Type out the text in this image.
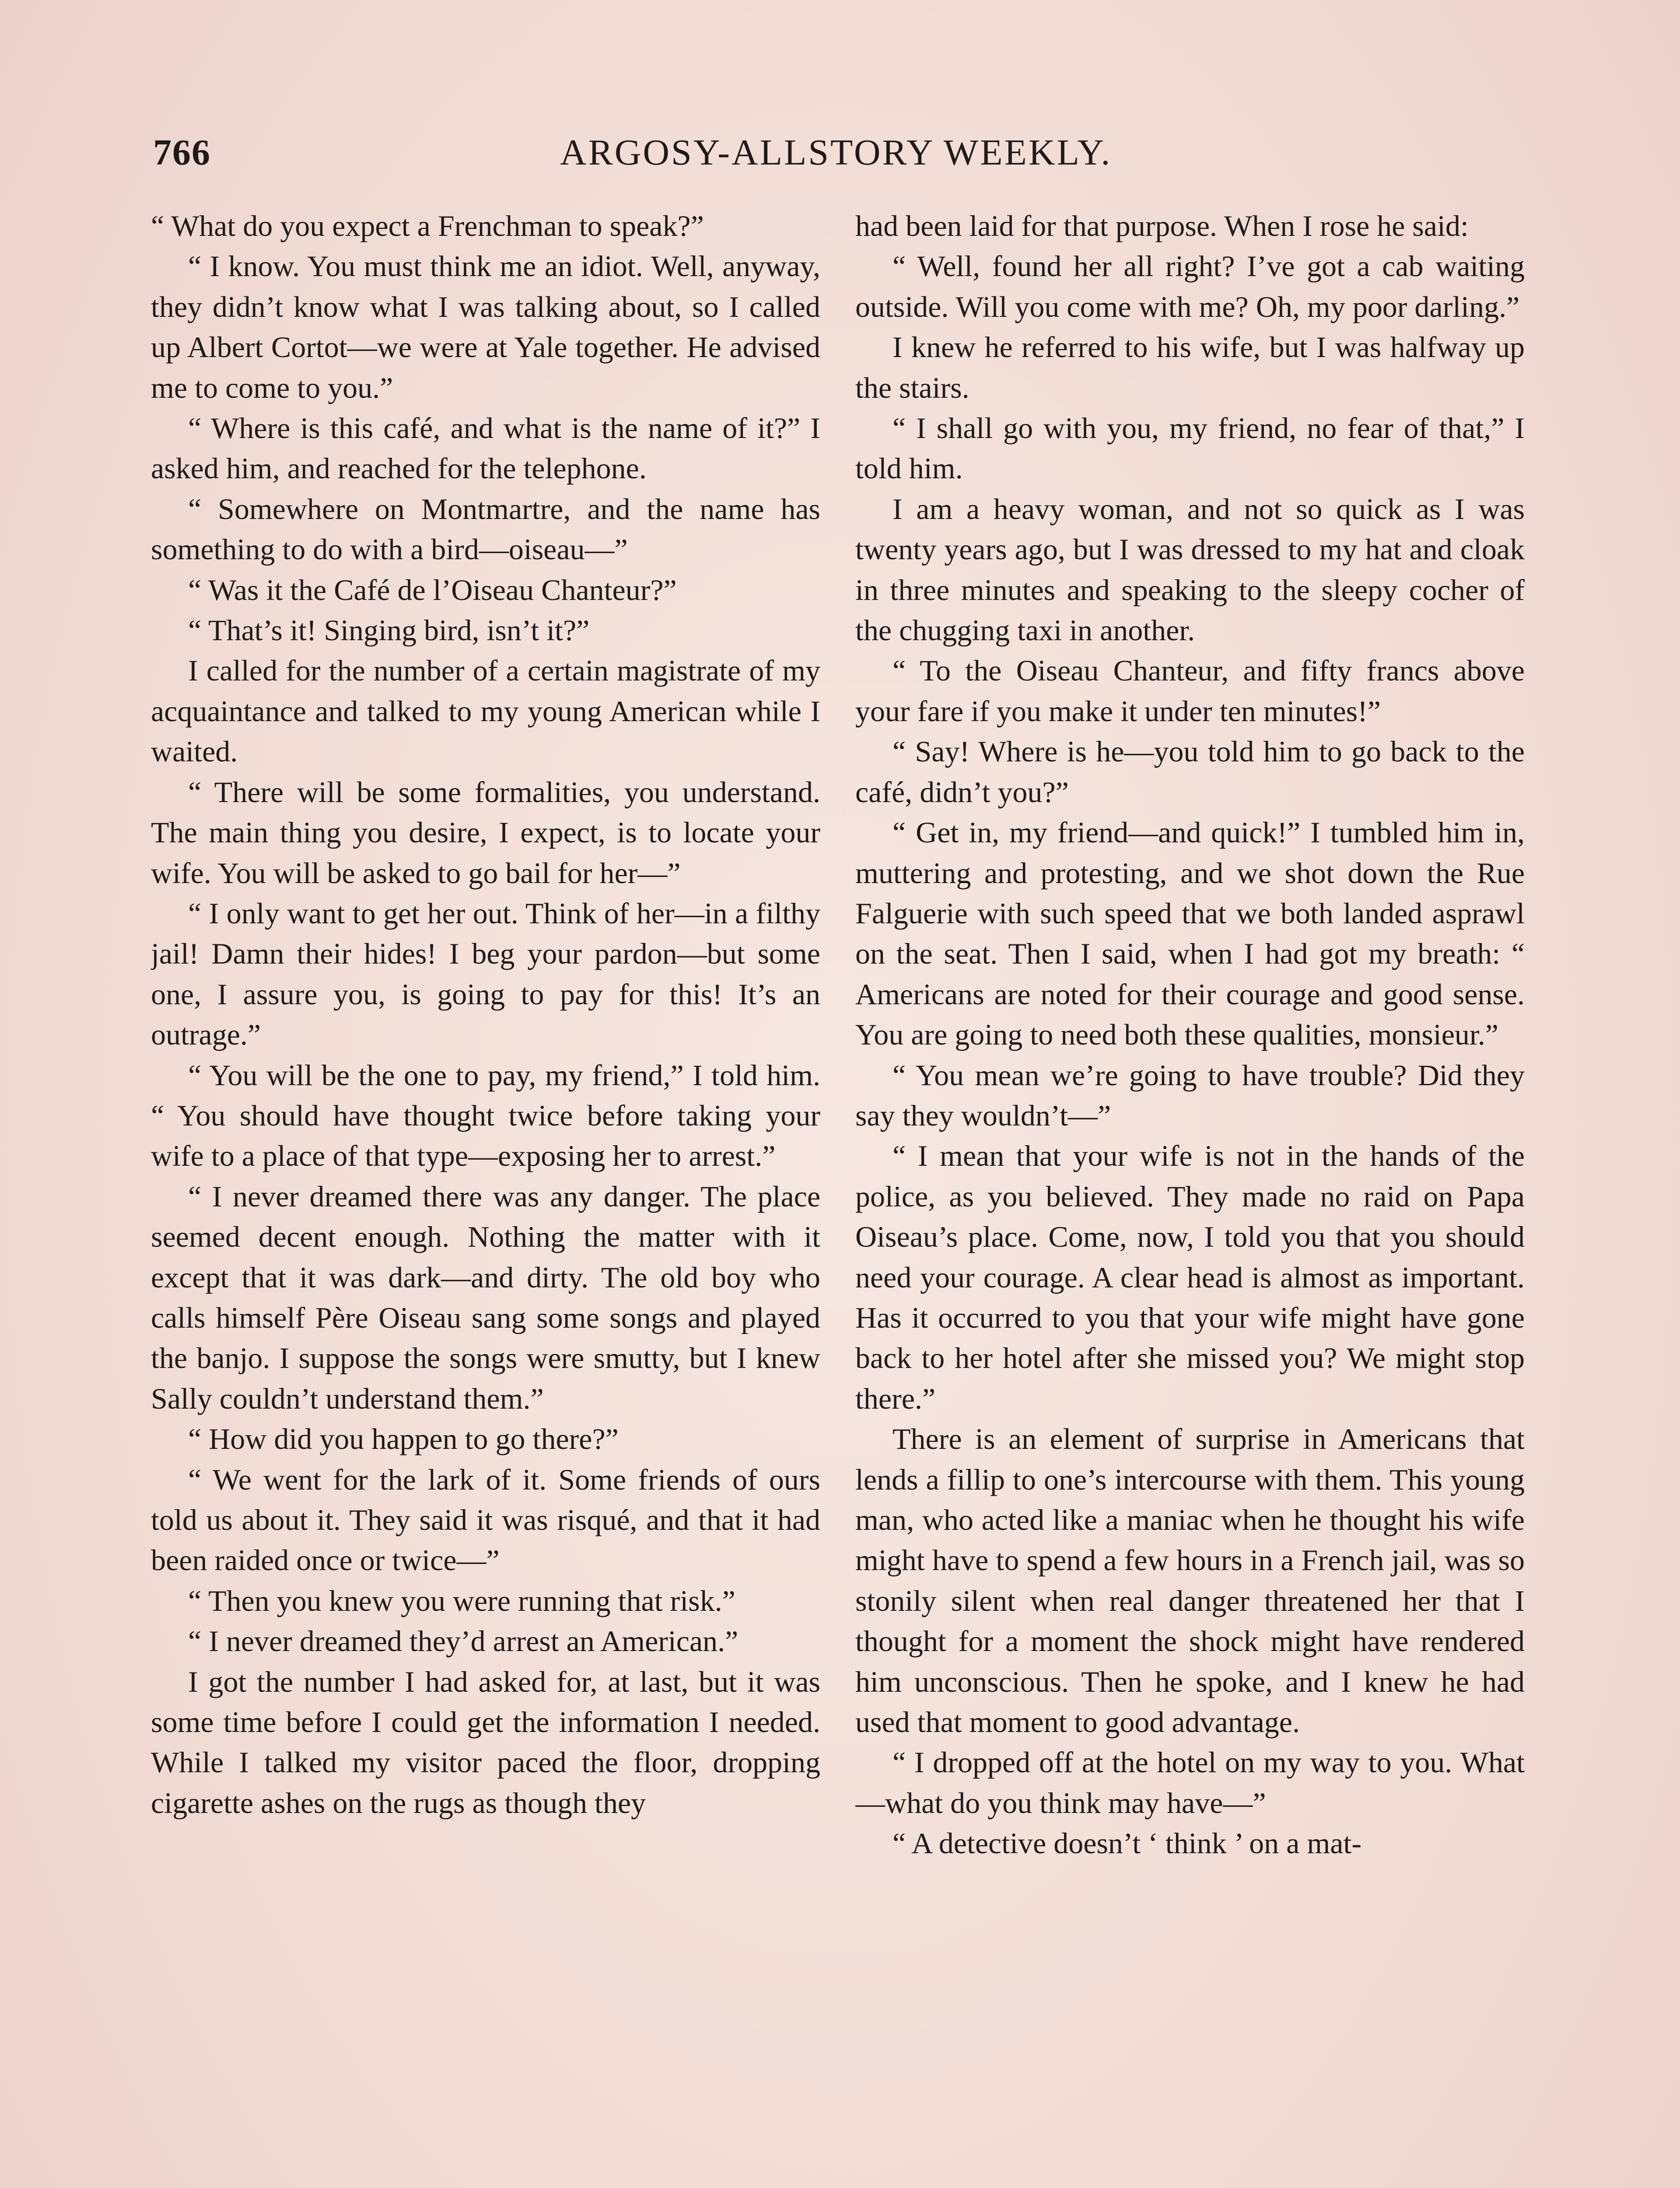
766	ARGOSY-ALLSTORY WEEKLY.

“ What do you expect a Frenchman to speak?”

“ I know. You must think me an idiot. Well, anyway, they didn’t know what I was talking about, so I called up Albert Cortot—we were at Yale together. He advised me to come to you.”

“ Where is this café, and what is the name of it?” I asked him, and reached for the telephone.

“ Somewhere on Montmartre, and the name has something to do with a bird—oiseau—”

“ Was it the Café de l’Oiseau Chanteur?”

“ That’s it! Singing bird, isn’t it?”

I called for the number of a certain magistrate of my acquaintance and talked to my young American while I waited.

“ There will be some formalities, you understand. The main thing you desire, I expect, is to locate your wife. You will be asked to go bail for her—”

“ I only want to get her out. Think of her—in a filthy jail! Damn their hides! I beg your pardon—but some one, I assure you, is going to pay for this! It’s an outrage.”

“ You will be the one to pay, my friend,” I told him. “ You should have thought twice before taking your wife to a place of that type—exposing her to arrest.”

“ I never dreamed there was any danger. The place seemed decent enough. Nothing the matter with it except that it was dark—and dirty. The old boy who calls himself Père Oiseau sang some songs and played the banjo. I suppose the songs were smutty, but I knew Sally couldn’t understand them.”

“ How did you happen to go there?”

“ We went for the lark of it. Some friends of ours told us about it. They said it was risqué, and that it had been raided once or twice—”

“ Then you knew you were running that risk.”

“ I never dreamed they’d arrest an American.”

I got the number I had asked for, at last, but it was some time before I could get the information I needed. While I talked my visitor paced the floor, dropping cigarette ashes on the rugs as though they

had been laid for that purpose. When I rose he said:

“ Well, found her all right? I’ve got a cab waiting outside. Will you come with me? Oh, my poor darling.”

I knew he referred to his wife, but I was halfway up the stairs.

“ I shall go with you, my friend, no fear of that,” I told him.

I am a heavy woman, and not so quick as I was twenty years ago, but I was dressed to my hat and cloak in three minutes and speaking to the sleepy cocher of the chugging taxi in another.

“ To the Oiseau Chanteur, and fifty francs above your fare if you make it under ten minutes!”

“ Say! Where is he—you told him to go back to the café, didn’t you?”

“ Get in, my friend—and quick!” I tumbled him in, muttering and protesting, and we shot down the Rue Falguerie with such speed that we both landed asprawl on the seat. Then I said, when I had got my breath: “ Americans are noted for their courage and good sense. You are going to need both these qualities, monsieur.”

“ You mean we’re going to have trouble? Did they say they wouldn’t—”

“ I mean that your wife is not in the hands of the police, as you believed. They made no raid on Papa Oiseau’s place. Come, now, I told you that you should need your courage. A clear head is almost as important. Has it occurred to you that your wife might have gone back to her hotel after she missed you? We might stop there.”

There is an element of surprise in Americans that lends a fillip to one’s intercourse with them. This young man, who acted like a maniac when he thought his wife might have to spend a few hours in a French jail, was so stonily silent when real danger threatened her that I thought for a moment the shock might have rendered him unconscious. Then he spoke, and I knew he had used that moment to good advantage.

“ I dropped off at the hotel on my way to you. What—what do you think may have—”

“ A detective doesn’t ‘ think ’ on a mat-
